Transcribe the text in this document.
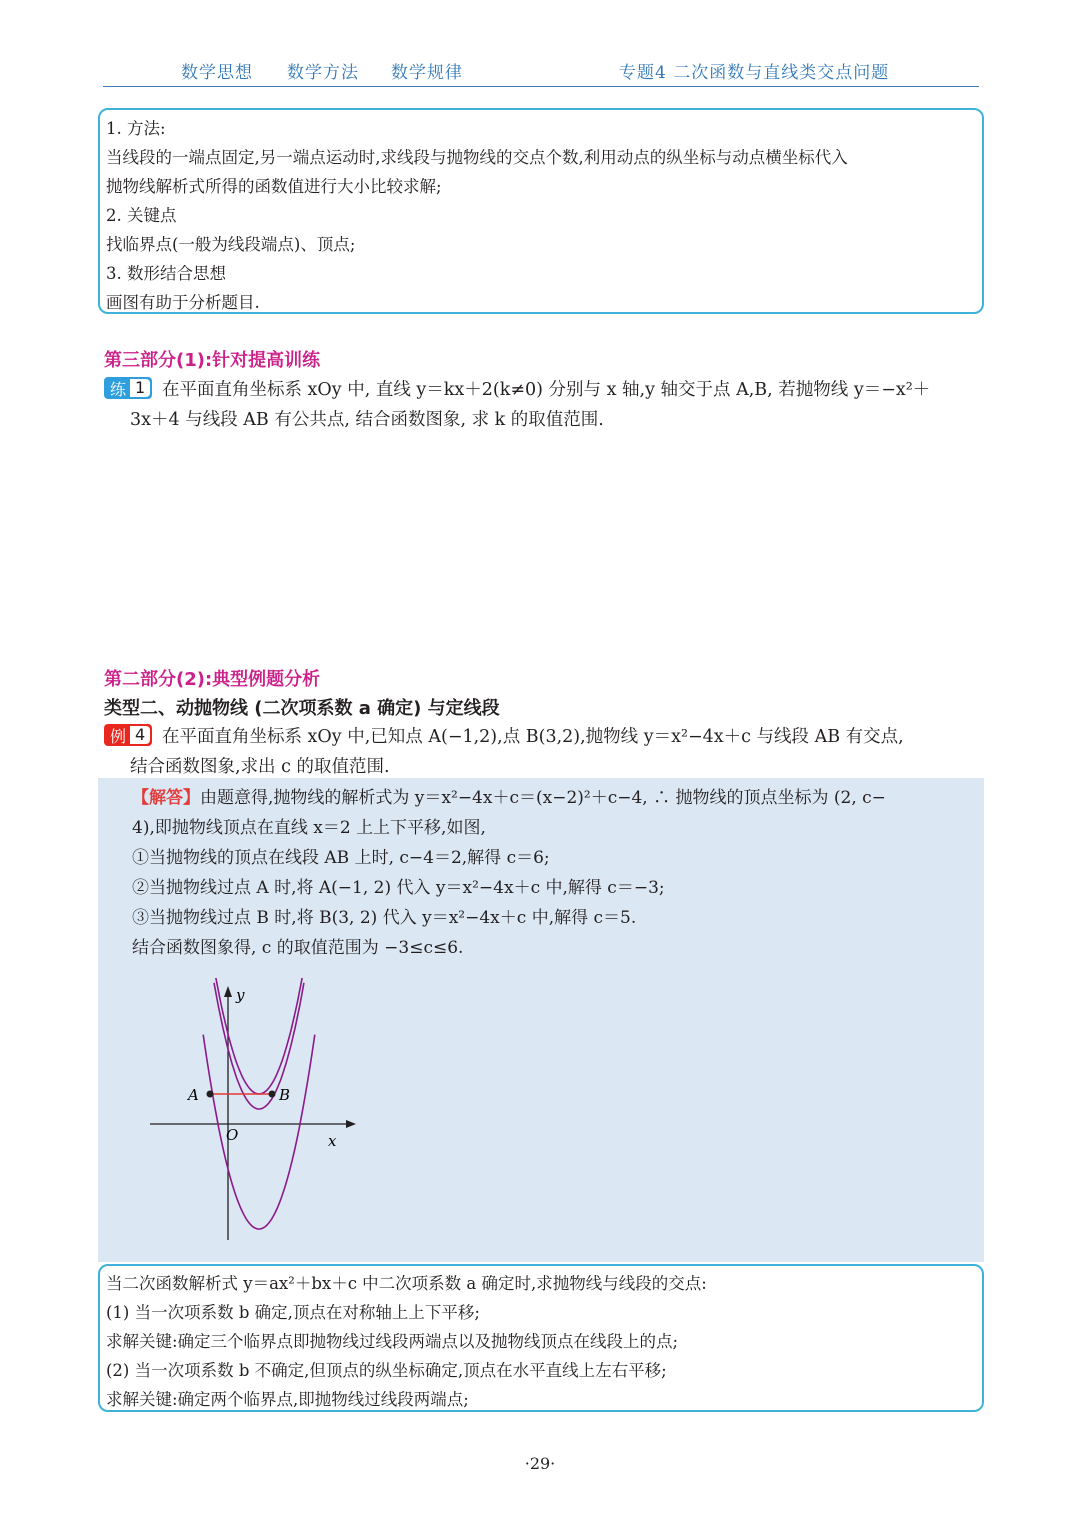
数学思想 数学方法 数学规律	专题4 二次函数与直线类交点问题
1. 方法:
当线段的一端点固定,另一端点运动时,求线段与抛物线的交点个数,利用动点的纵坐标与动点横坐标代入
抛物线解析式所得的函数值进行大小比较求解;
2. 关键点
找临界点(一般为线段端点)、顶点;
3. 数形结合思想
画图有助于分析题目.
第三部分(1):针对提高训练
练 1 在平面直角坐标系 xOy 中, 直线 y＝kx＋2(k≠0) 分别与 x 轴,y 轴交于点 A,B, 若抛物线 y＝−x²＋
3x＋4 与线段 AB 有公共点, 结合函数图象, 求 k 的取值范围.
第二部分(2):典型例题分析
类型二、动抛物线 (二次项系数 a 确定) 与定线段
例 4 在平面直角坐标系 xOy 中,已知点 A(−1,2),点 B(3,2),抛物线 y＝x²−4x＋c 与线段 AB 有交点,
结合函数图象,求出 c 的取值范围.
【解答】由题意得,抛物线的解析式为 y＝x²−4x＋c＝(x−2)²＋c−4, ∴ 抛物线的顶点坐标为 (2, c−
4),即抛物线顶点在直线 x＝2 上上下平移,如图,
①当抛物线的顶点在线段 AB 上时, c−4＝2,解得 c＝6;
②当抛物线过点 A 时,将 A(−1, 2) 代入 y＝x²−4x＋c 中,解得 c＝−3;
③当抛物线过点 B 时,将 B(3, 2) 代入 y＝x²−4x＋c 中,解得 c＝5.
结合函数图象得, c 的取值范围为 −3≤c≤6.
y
x
O
A	B
当二次函数解析式 y＝ax²＋bx＋c 中二次项系数 a 确定时,求抛物线与线段的交点:
(1) 当一次项系数 b 确定,顶点在对称轴上上下平移;
求解关键:确定三个临界点即抛物线过线段两端点以及抛物线顶点在线段上的点;
(2) 当一次项系数 b 不确定,但顶点的纵坐标确定,顶点在水平直线上左右平移;
求解关键:确定两个临界点,即抛物线过线段两端点;
·29·
